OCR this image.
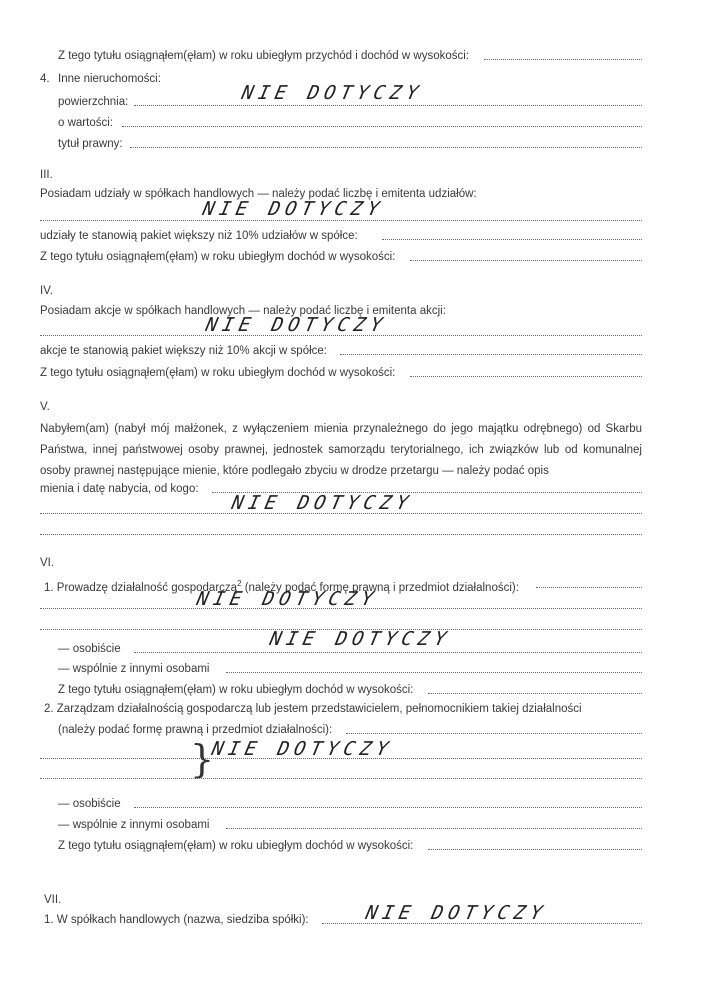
Z tego tytułu osiągnąłem(ęłam) w roku ubiegłym przychód i dochód w wysokości:
4. Inne nieruchomości:
powierzchnia:	NIE DOTYCZY
o wartości:
tytuł prawny:
III.
Posiadam udziały w spółkach handlowych — należy podać liczbę i emitenta udziałów:
NIE DOTYCZY
udziały te stanowią pakiet większy niż 10% udziałów w spółce:
Z tego tytułu osiągnąłem(ęłam) w roku ubiegłym dochód w wysokości:
IV.
Posiadam akcje w spółkach handlowych — należy podać liczbę i emitenta akcji:
NIE DOTYCZY
akcje te stanowią pakiet większy niż 10% akcji w spółce:
Z tego tytułu osiągnąłem(ęłam) w roku ubiegłym dochód w wysokości:
V.
Nabyłem(am) (nabył mój małżonek, z wyłączeniem mienia przynależnego do jego majątku odrębnego) od Skarbu Państwa, innej państwowej osoby prawnej, jednostek samorządu terytorialnego, ich związków lub od komunalnej osoby prawnej następujące mienie, które podlegało zbyciu w drodze przetargu — należy podać opis
mienia i datę nabycia, od kogo:
NIE DOTYCZY
VI.
1. Prowadzę działalność gospodarczą$^2$ (należy podać formę prawną i przedmiot działalności):
NIE DOTYCZY
— osobiście	NIE DOTYCZY
— wspólnie z innymi osobami
Z tego tytułu osiągnąłem(ęłam) w roku ubiegłym dochód w wysokości:
2. Zarządzam działalnością gospodarczą lub jestem przedstawicielem, pełnomocnikiem takiej działalności
(należy podać formę prawną i przedmiot działalności):
}
NIE DOTYCZY
— osobiście
— wspólnie z innymi osobami
Z tego tytułu osiągnąłem(ęłam) w roku ubiegłym dochód w wysokości:
VII.
1. W spółkach handlowych (nazwa, siedziba spółki):	NIE DOTYCZY
